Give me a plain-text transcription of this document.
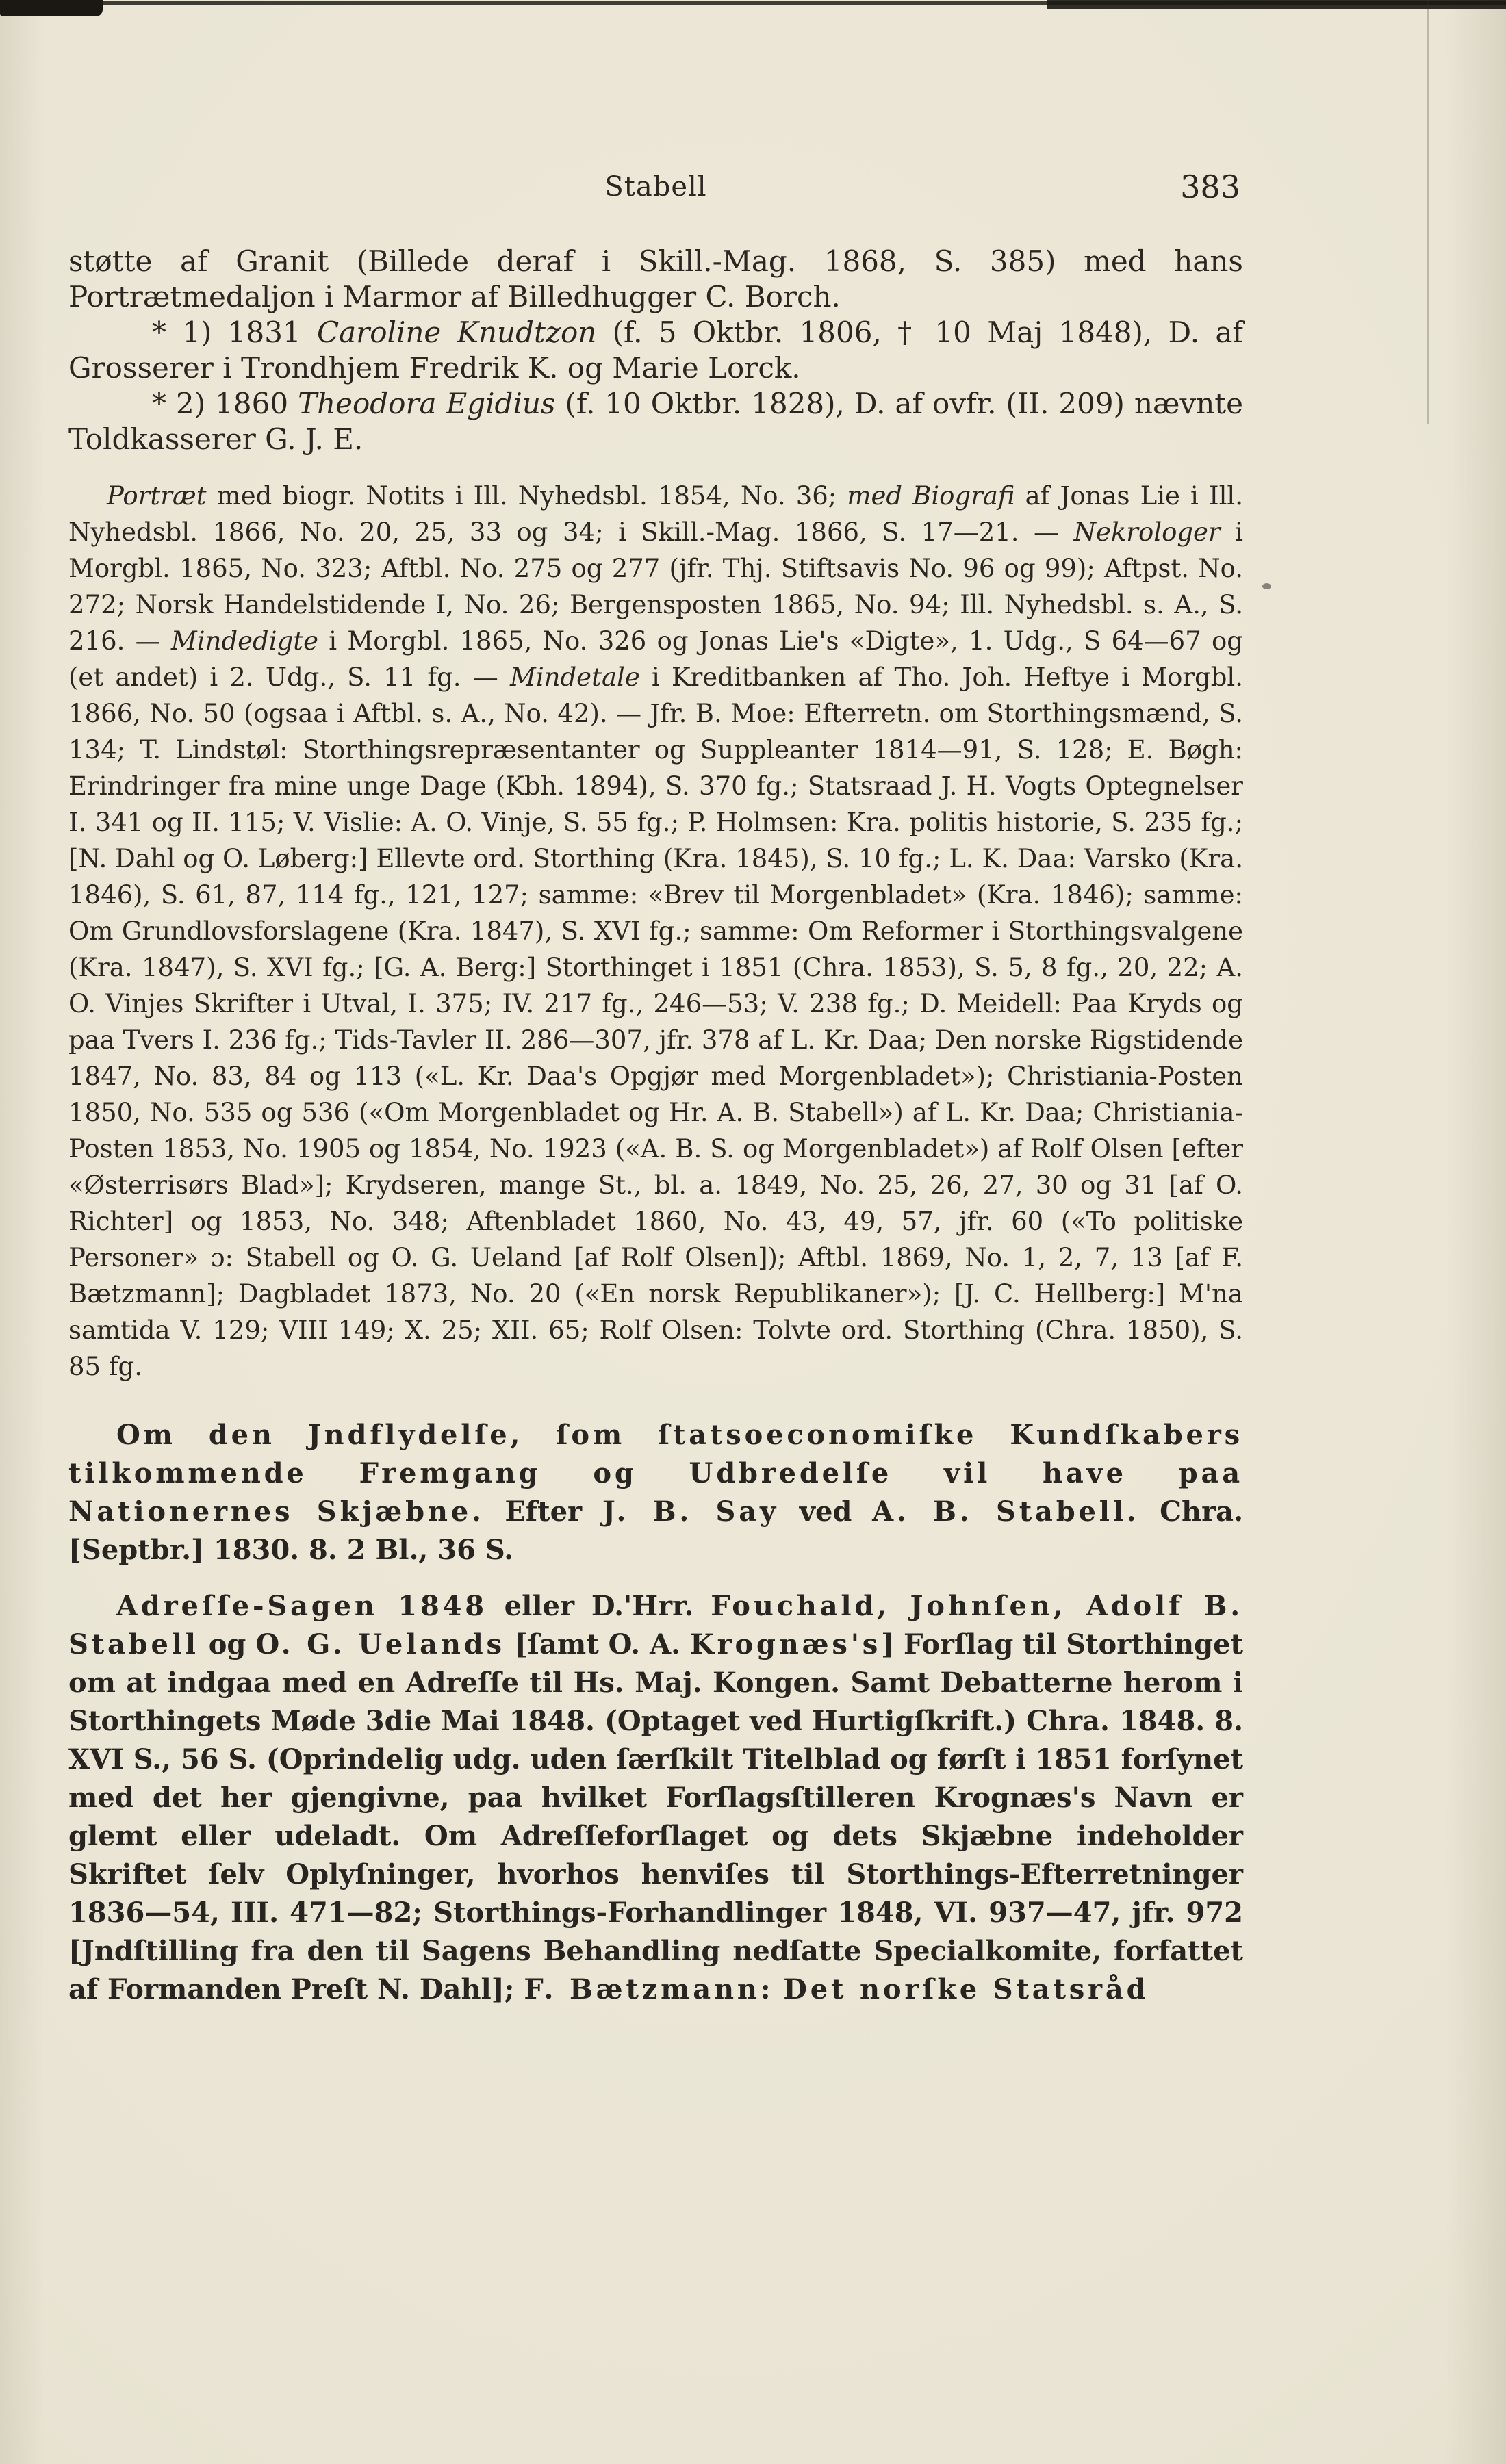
Stabell	383

støtte af Granit (Billede deraf i Skill.-Mag. 1868, S. 385) med hans Portrætmedaljon i Marmor af Billedhugger C. Borch.

* 1) 1831 Caroline Knudtzon (f. 5 Oktbr. 1806, † 10 Maj 1848), D. af Grosserer i Trondhjem Fredrik K. og Marie Lorck.

* 2) 1860 Theodora Egidius (f. 10 Oktbr. 1828), D. af ovfr. (II. 209) nævnte Toldkasserer G. J. E.

Portræt med biogr. Notits i Ill. Nyhedsbl. 1854, No. 36; med Biografi af Jonas Lie i Ill. Nyhedsbl. 1866, No. 20, 25, 33 og 34; i Skill.-Mag. 1866, S. 17—21. — Nekrologer i Morgbl. 1865, No. 323; Aftbl. No. 275 og 277 (jfr. Thj. Stiftsavis No. 96 og 99); Aftpst. No. 272; Norsk Handelstidende I, No. 26; Bergensposten 1865, No. 94; Ill. Nyhedsbl. s. A., S. 216. — Mindedigte i Morgbl. 1865, No. 326 og Jonas Lie's «Digte», 1. Udg., S 64—67 og (et andet) i 2. Udg., S. 11 fg. — Mindetale i Kreditbanken af Tho. Joh. Heftye i Morgbl. 1866, No. 50 (ogsaa i Aftbl. s. A., No. 42). — Jfr. B. Moe: Efterretn. om Storthingsmænd, S. 134; T. Lindstøl: Storthingsrepræsentanter og Suppleanter 1814—91, S. 128; E. Bøgh: Erindringer fra mine unge Dage (Kbh. 1894), S. 370 fg.; Statsraad J. H. Vogts Optegnelser I. 341 og II. 115; V. Vislie: A. O. Vinje, S. 55 fg.; P. Holmsen: Kra. politis historie, S. 235 fg.; [N. Dahl og O. Løberg:] Ellevte ord. Storthing (Kra. 1845), S. 10 fg.; L. K. Daa: Varsko (Kra. 1846), S. 61, 87, 114 fg., 121, 127; samme: «Brev til Morgenbladet» (Kra. 1846); samme: Om Grundlovsforslagene (Kra. 1847), S. XVI fg.; samme: Om Reformer i Storthingsvalgene (Kra. 1847), S. XVI fg.; [G. A. Berg:] Storthinget i 1851 (Chra. 1853), S. 5, 8 fg., 20, 22; A. O. Vinjes Skrifter i Utval, I. 375; IV. 217 fg., 246—53; V. 238 fg.; D. Meidell: Paa Kryds og paa Tvers I. 236 fg.; Tids-Tavler II. 286—307, jfr. 378 af L. Kr. Daa; Den norske Rigstidende 1847, No. 83, 84 og 113 («L. Kr. Daa's Opgjør med Morgenbladet»); Christiania-Posten 1850, No. 535 og 536 («Om Morgenbladet og Hr. A. B. Stabell») af L. Kr. Daa; Christiania-Posten 1853, No. 1905 og 1854, No. 1923 («A. B. S. og Morgenbladet») af Rolf Olsen [efter «Østerrisørs Blad»]; Krydseren, mange St., bl. a. 1849, No. 25, 26, 27, 30 og 31 [af O. Richter] og 1853, No. 348; Aftenbladet 1860, No. 43, 49, 57, jfr. 60 («To politiske Personer» ɔ: Stabell og O. G. Ueland [af Rolf Olsen]); Aftbl. 1869, No. 1, 2, 7, 13 [af F. Bætzmann]; Dagbladet 1873, No. 20 («En norsk Republikaner»); [J. C. Hellberg:] M'na samtida V. 129; VIII 149; X. 25; XII. 65; Rolf Olsen: Tolvte ord. Storthing (Chra. 1850), S. 85 fg.

Om den Jndflydelſe, ſom ſtatsoeconomiſke Kundſkabers tilkommende Fremgang og Udbredelſe vil have paa Nationernes Skjæbne. Efter J. B. Say ved A. B. Stabell. Chra. [Septbr.] 1830. 8. 2 Bl., 36 S.

Adreſſe-Sagen 1848 eller D.'Hrr. Fouchald, Johnſen, Adolf B. Stabell og O. G. Uelands [ſamt O. A. Krognæs's] Forſlag til Storthinget om at indgaa med en Adreſſe til Hs. Maj. Kongen. Samt Debatterne herom i Storthingets Møde 3die Mai 1848. (Optaget ved Hurtigſkrift.) Chra. 1848. 8. XVI S., 56 S. (Oprindelig udg. uden ſærſkilt Titelblad og førſt i 1851 forſynet med det her gjengivne, paa hvilket Forſlagsſtilleren Krognæs's Navn er glemt eller udeladt. Om Adreſſeforſlaget og dets Skjæbne indeholder Skriftet ſelv Oplyſninger, hvorhos henviſes til Storthings-Efterretninger 1836—54, III. 471—82; Storthings-Forhandlinger 1848, VI. 937—47, jfr. 972 [Jndſtilling fra den til Sagens Behandling nedſatte Specialkomite, forfattet af Formanden Preſt N. Dahl]; F. Bætzmann: Det norſke Statsråd
